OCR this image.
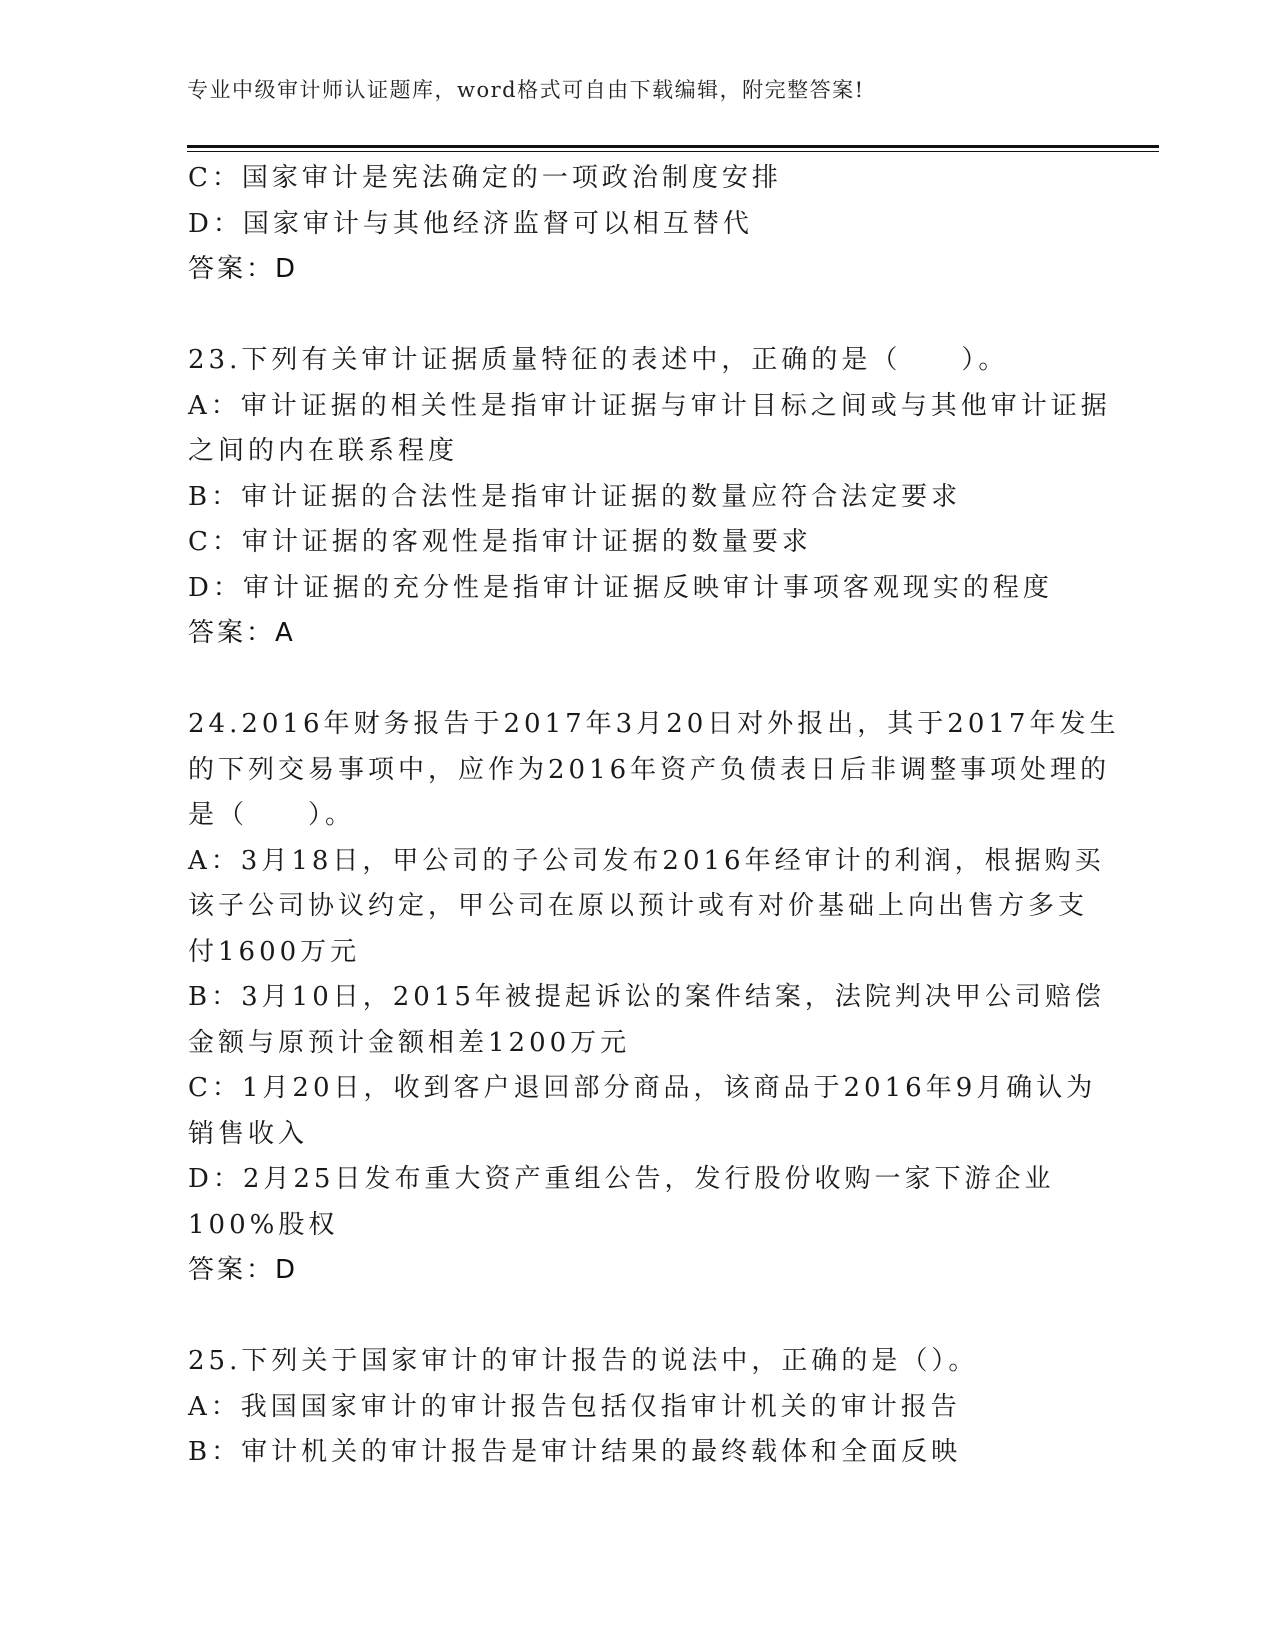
专业中级审计师认证题库，word格式可自由下载编辑，附完整答案!
C：国家审计是宪法确定的一项政治制度安排
D：国家审计与其他经济监督可以相互替代
答案：D
23.下列有关审计证据质量特征的表述中，正确的是（　　）。
A：审计证据的相关性是指审计证据与审计目标之间或与其他审计证据
之间的内在联系程度
B：审计证据的合法性是指审计证据的数量应符合法定要求
C：审计证据的客观性是指审计证据的数量要求
D：审计证据的充分性是指审计证据反映审计事项客观现实的程度
答案：A
24.2016年财务报告于2017年3月20日对外报出，其于2017年发生
的下列交易事项中，应作为2016年资产负债表日后非调整事项处理的
是（　　）。
A：3月18日，甲公司的子公司发布2016年经审计的利润，根据购买
该子公司协议约定，甲公司在原以预计或有对价基础上向出售方多支
付1600万元
B：3月10日，2015年被提起诉讼的案件结案，法院判决甲公司赔偿
金额与原预计金额相差1200万元
C：1月20日，收到客户退回部分商品，该商品于2016年9月确认为
销售收入
D：2月25日发布重大资产重组公告，发行股份收购一家下游企业
100%股权
答案：D
25.下列关于国家审计的审计报告的说法中，正确的是（）。
A：我国国家审计的审计报告包括仅指审计机关的审计报告
B：审计机关的审计报告是审计结果的最终载体和全面反映
